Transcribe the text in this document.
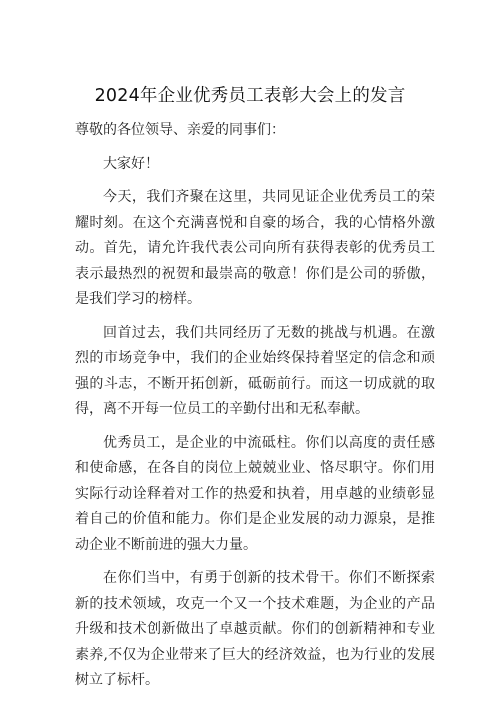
2024年企业优秀员工表彰大会上的发言

尊敬的各位领导、亲爱的同事们：

大家好！

今天，我们齐聚在这里，共同见证企业优秀员工的荣耀时刻。在这个充满喜悦和自豪的场合，我的心情格外激动。首先，请允许我代表公司向所有获得表彰的优秀员工表示最热烈的祝贺和最崇高的敬意！你们是公司的骄傲，是我们学习的榜样。

回首过去，我们共同经历了无数的挑战与机遇。在激烈的市场竞争中，我们的企业始终保持着坚定的信念和顽强的斗志，不断开拓创新，砥砺前行。而这一切成就的取得，离不开每一位员工的辛勤付出和无私奉献。

优秀员工，是企业的中流砥柱。你们以高度的责任感和使命感，在各自的岗位上兢兢业业、恪尽职守。你们用实际行动诠释着对工作的热爱和执着，用卓越的业绩彰显着自己的价值和能力。你们是企业发展的动力源泉，是推动企业不断前进的强大力量。

在你们当中，有勇于创新的技术骨干。你们不断探索新的技术领域，攻克一个又一个技术难题，为企业的产品升级和技术创新做出了卓越贡献。你们的创新精神和专业素养,不仅为企业带来了巨大的经济效益，也为行业的发展树立了标杆。
